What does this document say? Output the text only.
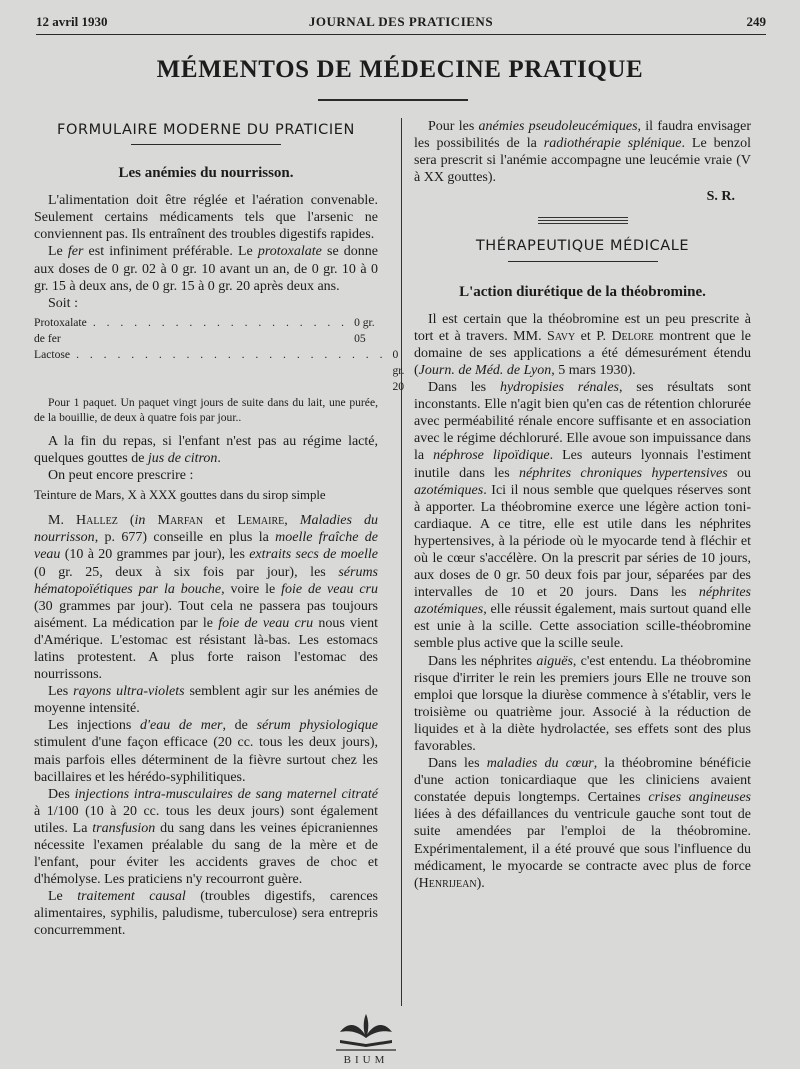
12 avril 1930	JOURNAL DES PRATICIENS	249
MÉMENTOS DE MÉDECINE PRATIQUE
FORMULAIRE MODERNE DU PRATICIEN
Les anémies du nourrisson.

L'alimentation doit être réglée et l'aération convenable. Seulement certains médicaments tels que l'arsenic ne conviennent pas. Ils entraînent des troubles digestifs rapides.

Le fer est infiniment préférable. Le protoxalate se donne aux doses de 0 gr. 02 à 0 gr. 10 avant un an, de 0 gr. 10 à 0 gr. 15 à deux ans, de 0 gr. 15 à 0 gr. 20 après deux ans.

Soit :

Protoxalate de fer
. . . . . . . . . . . . . . . . . . . 0 gr. 05
Lactose . . . . . . . . . . . . . . . . . . . . . . . 0 gr. 20

Pour 1 paquet. Un paquet vingt jours de suite dans du lait, une purée, de la bouillie, de deux à quatre fois par jour..

A la fin du repas, si l'enfant n'est pas au régime lacté, quelques gouttes de jus de citron.

On peut encore prescrire :

Teinture de Mars, X à XXX gouttes dans du sirop simple

M. Hallez (in Marfan et Lemaire, Maladies du nourrisson, p. 677) conseille en plus la moelle fraîche de veau (10 à 20 grammes par jour), les extraits secs de moelle (0 gr. 25, deux à six fois par jour), les sérums hématopoïétiques par la bouche, voire le foie de veau cru (30 grammes par jour). Tout cela ne passera pas toujours aisément. La médication par le foie de veau cru nous vient d'Amérique. L'estomac est résistant là-bas. Les estomacs latins protestent. A plus forte raison l'estomac des nourrissons.

Les rayons ultra-violets semblent agir sur les anémies de moyenne intensité.

Les injections d'eau de mer, de sérum physiologique stimulent d'une façon efficace (20 cc. tous les deux jours), mais parfois elles déterminent de la fièvre surtout chez les bacillaires et les hérédo-syphilitiques.

Des injections intra-musculaires de sang maternel citraté à 1/100 (10 à 20 cc. tous les deux jours) sont également utiles. La transfusion du sang dans les veines épicraniennes nécessite l'examen préalable du sang de la mère et de l'enfant, pour éviter les accidents graves de choc et d'hémolyse. Les praticiens n'y recourront guère.

Le traitement causal (troubles digestifs, carences alimentaires, syphilis, paludisme, tuberculose) sera entrepris concurremment.

Pour les anémies pseudoleucémiques, il faudra envisager les possibilités de la radiothérapie splénique. Le benzol sera prescrit si l'anémie accompagne une leucémie vraie (V à XX gouttes).

S. R.
THÉRAPEUTIQUE MÉDICALE
L'action diurétique de la théobromine.

Il est certain que la théobromine est un peu prescrite à tort et à travers. MM. Savy et P. Delore montrent que le domaine de ses applications a été démesurément étendu (Journ. de Méd. de Lyon, 5 mars 1930).

Dans les hydropisies rénales, ses résultats sont inconstants. Elle n'agit bien qu'en cas de rétention chlorurée avec perméabilité rénale encore suffisante et en association avec le régime déchloruré. Elle avoue son impuissance dans la néphrose lipoïdique. Les auteurs lyonnais l'estiment inutile dans les néphrites chroniques hypertensives ou azotémiques. Ici il nous semble que quelques réserves sont à apporter. La théobromine exerce une légère action toni-cardiaque. A ce titre, elle est utile dans les néphrites hypertensives, à la période où le myocarde tend à fléchir et où le cœur s'accélère. On la prescrit par séries de 10 jours, aux doses de 0 gr. 50 deux fois par jour, séparées par des intervalles de 10 et 20 jours. Dans les néphrites azotémiques, elle réussit également, mais surtout quand elle est unie à la scille. Cette association scille-théobromine semble plus active que la scille seule.

Dans les néphrites aiguës, c'est entendu. La théobromine risque d'irriter le rein les premiers jours Elle ne trouve son emploi que lorsque la diurèse commence à s'établir, vers le troisième ou quatrième jour. Associé à la réduction de liquides et à la diète hydrolactée, ses effets sont des plus favorables.

Dans les maladies du cœur, la théobromine bénéficie d'une action tonicardiaque que les cliniciens avaient constatée depuis longtemps. Certaines crises angineuses liées à des défaillances du ventricule gauche sont tout de suite amendées par l'emploi de la théobromine. Expérimentalement, il a été prouvé que sous l'influence du médicament, le myocarde se contracte avec plus de force (Henrijean).

BIUM
